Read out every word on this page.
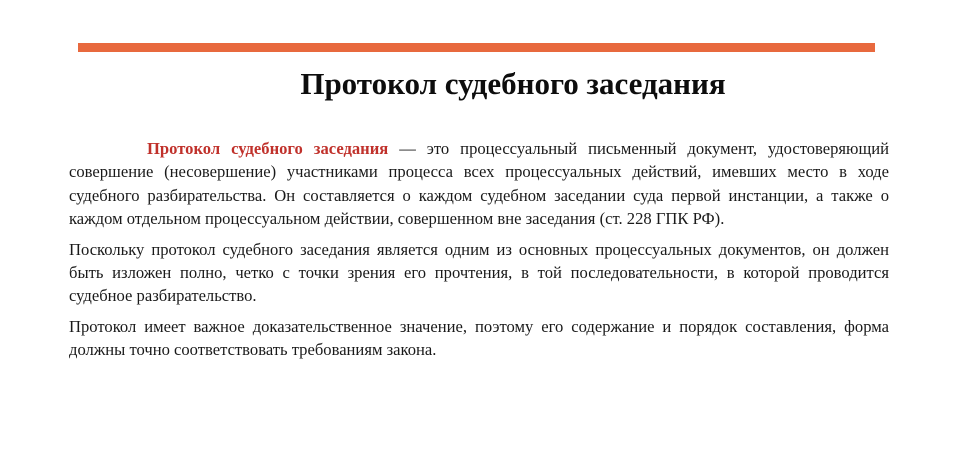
Протокол судебного заседания

Протокол судебного заседания — это процессуальный письменный документ, удостоверяющий совершение (несовершение) участниками процесса всех процессуальных действий, имевших место в ходе судебного разбирательства. Он составляется о каждом судебном заседании суда первой инстанции, а также о каждом отдельном процессуальном действии, совершенном вне заседания (ст. 228 ГПК РФ).

Поскольку протокол судебного заседания является одним из основных процессуальных документов, он должен быть изложен полно, четко с точки зрения его прочтения, в той последовательности, в которой проводится судебное разбирательство.

Протокол имеет важное доказательственное значение, поэтому его содержание и порядок составления, форма должны точно соответствовать требованиям закона.
